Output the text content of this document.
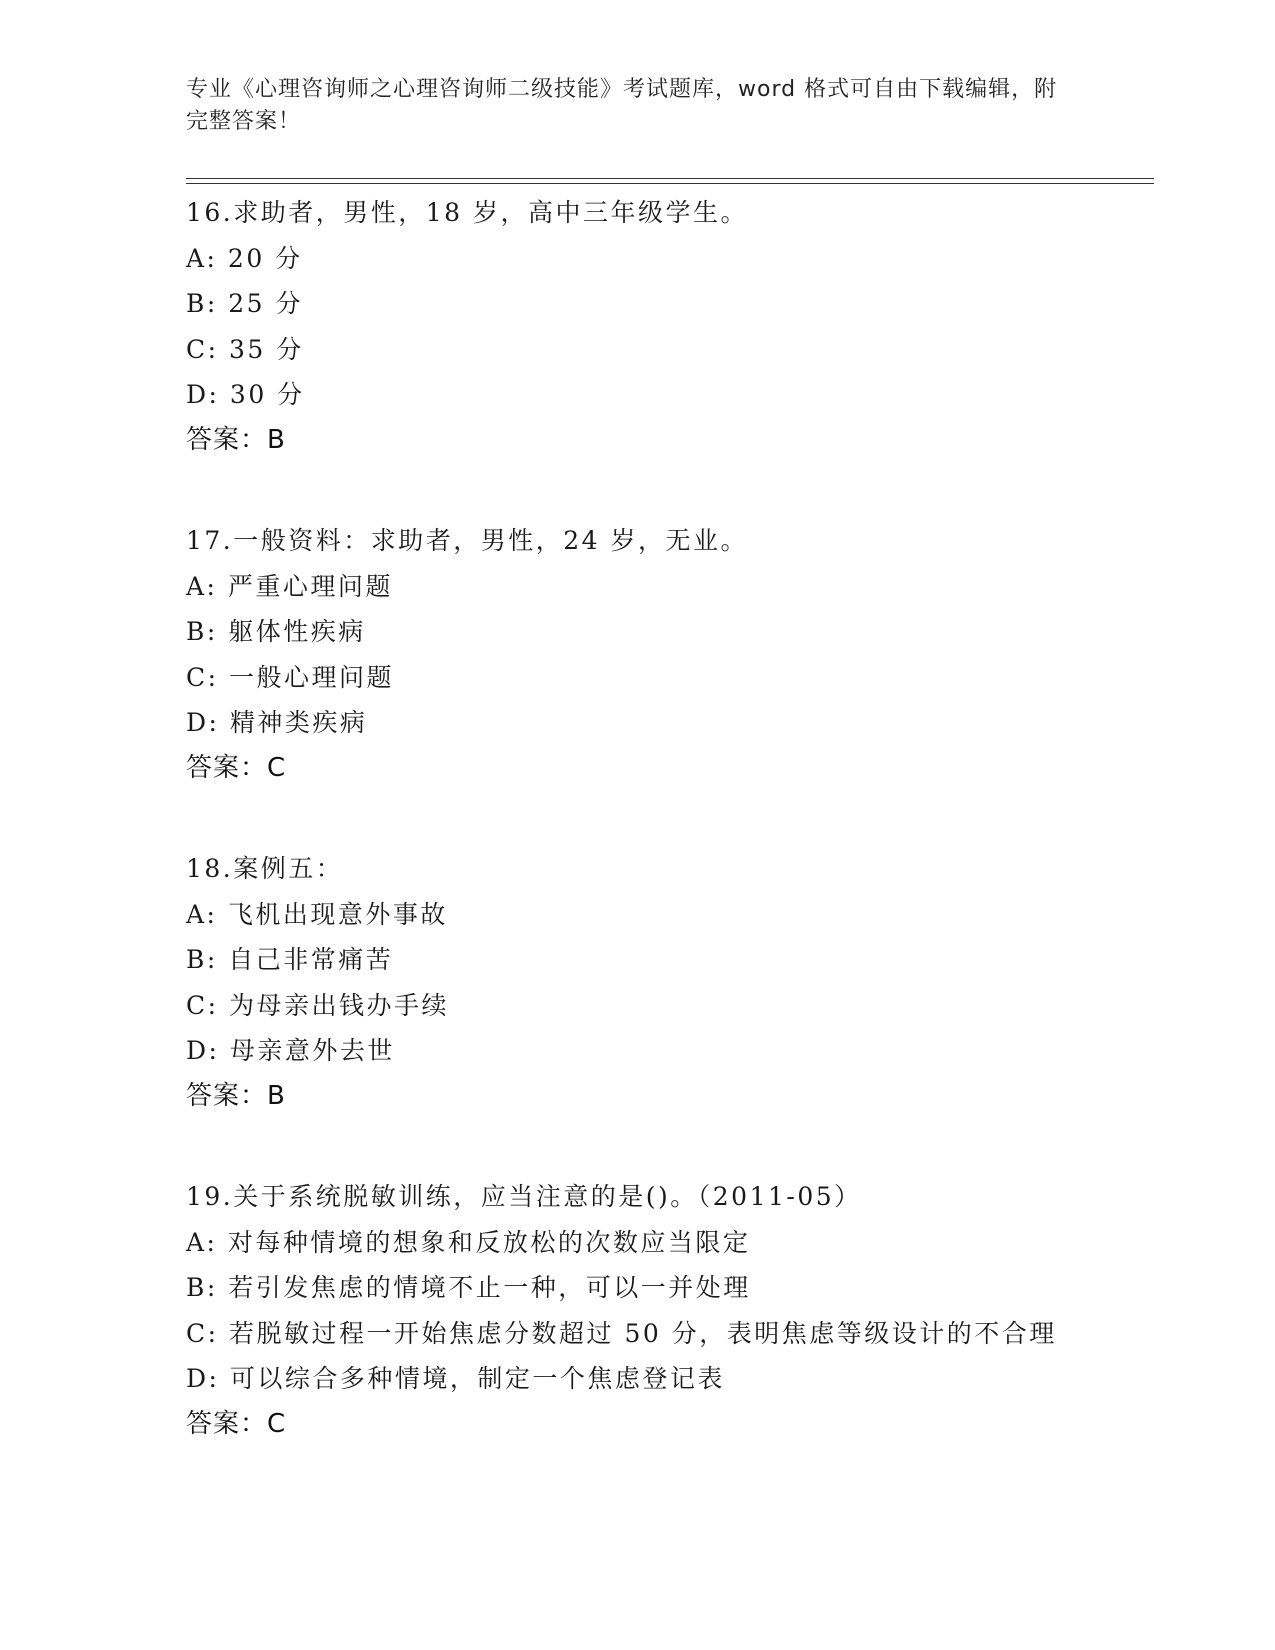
专业《心理咨询师之心理咨询师二级技能》考试题库，word 格式可自由下载编辑，附完整答案！
16.求助者，男性，18 岁，高中三年级学生。
A: 20 分
B: 25 分
C: 35 分
D: 30 分
答案：B
17.一般资料：求助者，男性，24 岁，无业。
A: 严重心理问题
B: 躯体性疾病
C: 一般心理问题
D: 精神类疾病
答案：C
18.案例五：
A: 飞机出现意外事故
B: 自己非常痛苦
C: 为母亲出钱办手续
D: 母亲意外去世
答案：B
19.关于系统脱敏训练，应当注意的是()。（2011-05）
A: 对每种情境的想象和反放松的次数应当限定
B: 若引发焦虑的情境不止一种，可以一并处理
C: 若脱敏过程一开始焦虑分数超过 50 分，表明焦虑等级设计的不合理
D: 可以综合多种情境，制定一个焦虑登记表
答案：C
